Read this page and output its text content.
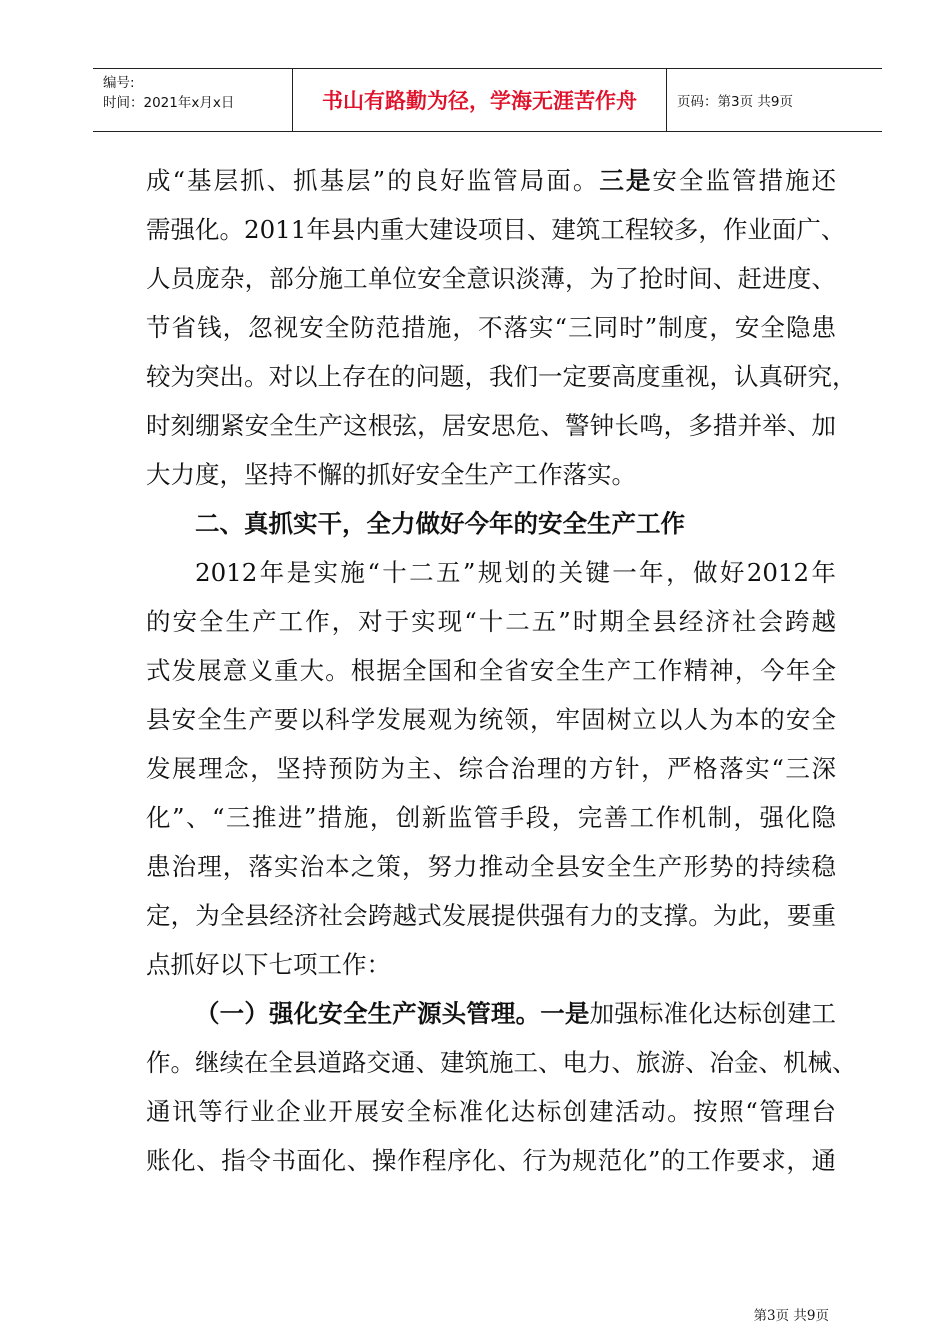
编号:
时间：2021年x月x日	书山有路勤为径，学海无涯苦作舟	页码：第3页 共9页
成“基层抓、抓基层”的良好监管局面。三是安全监管措施还
需强化。2011年县内重大建设项目、建筑工程较多，作业面广、
人员庞杂，部分施工单位安全意识淡薄，为了抢时间、赶进度、
节省钱，忽视安全防范措施，不落实“三同时”制度，安全隐患
较为突出。对以上存在的问题，我们一定要高度重视，认真研究，
时刻绷紧安全生产这根弦，居安思危、警钟长鸣，多措并举、加
大力度，坚持不懈的抓好安全生产工作落实。
二、真抓实干，全力做好今年的安全生产工作
2012年是实施“十二五”规划的关键一年，做好2012年
的安全生产工作，对于实现“十二五”时期全县经济社会跨越
式发展意义重大。根据全国和全省安全生产工作精神，今年全
县安全生产要以科学发展观为统领，牢固树立以人为本的安全
发展理念，坚持预防为主、综合治理的方针，严格落实“三深
化”、“三推进”措施，创新监管手段，完善工作机制，强化隐
患治理，落实治本之策，努力推动全县安全生产形势的持续稳
定，为全县经济社会跨越式发展提供强有力的支撑。为此，要重
点抓好以下七项工作：
（一）强化安全生产源头管理。一是加强标准化达标创建工
作。继续在全县道路交通、建筑施工、电力、旅游、冶金、机械、
通讯等行业企业开展安全标准化达标创建活动。按照“管理台
账化、指令书面化、操作程序化、行为规范化”的工作要求，通
第3页 共9页
